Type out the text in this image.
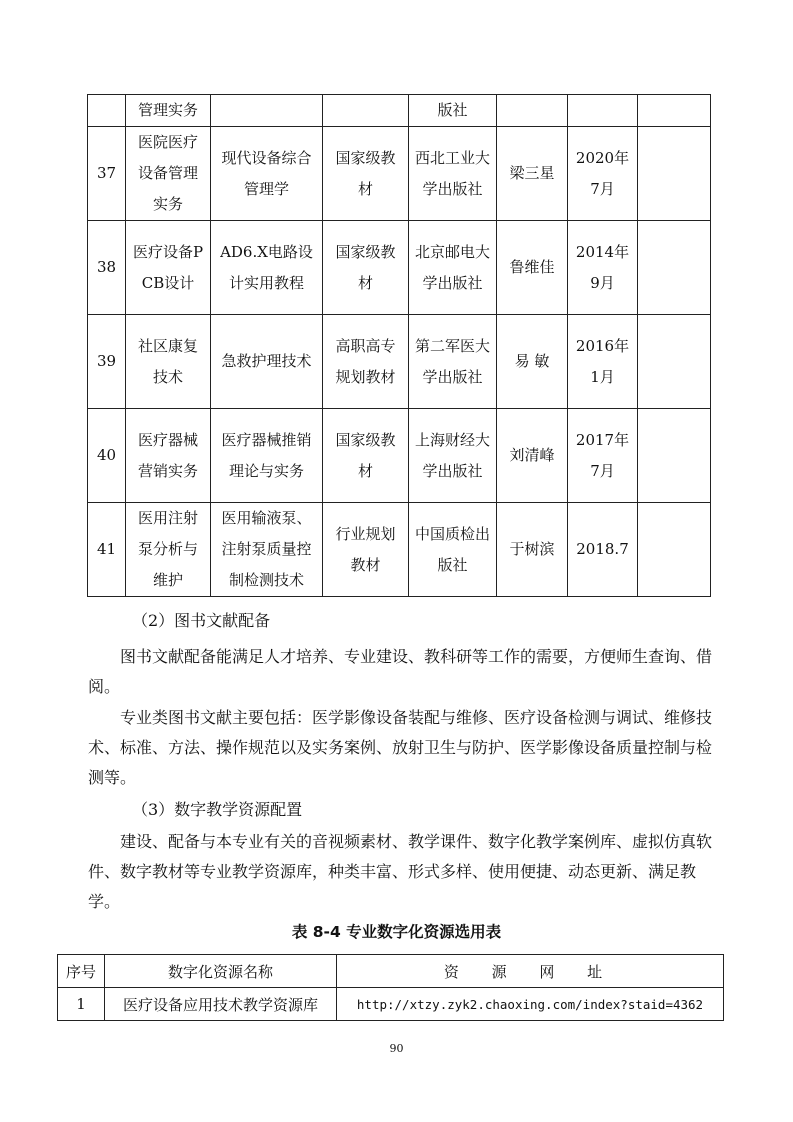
	管理实务			版社			
37	医院医疗设备管理实务	现代设备综合管理学	国家级教材	西北工业大学出版社	梁三星	2020年7月	
38	医疗设备PCB设计	AD6.X电路设计实用教程	国家级教材	北京邮电大学出版社	鲁维佳	2014年9月	
39	社区康复技术	急救护理技术	高职高专规划教材	第二军医大学出版社	易 敏	2016年1月	
40	医疗器械营销实务	医疗器械推销理论与实务	国家级教材	上海财经大学出版社	刘清峰	2017年7月	
41	医用注射泵分析与维护	医用输液泵、注射泵质量控制检测技术	行业规划教材	中国质检出版社	于树滨	2018.7	

（2）图书文献配备

图书文献配备能满足人才培养、专业建设、教科研等工作的需要，方便师生查询、借阅。

专业类图书文献主要包括：医学影像设备装配与维修、医疗设备检测与调试、维修技术、标准、方法、操作规范以及实务案例、放射卫生与防护、医学影像设备质量控制与检测等。

（3）数字教学资源配置

建设、配备与本专业有关的音视频素材、教学课件、数字化教学案例库、虚拟仿真软件、数字教材等专业教学资源库，种类丰富、形式多样、使用便捷、动态更新、满足教学。

表 8-4 专业数字化资源选用表
序号	数字化资源名称	资 源 网 址
1	医疗设备应用技术教学资源库	http://xtzy.zyk2.chaoxing.com/index?staid=4362
90
